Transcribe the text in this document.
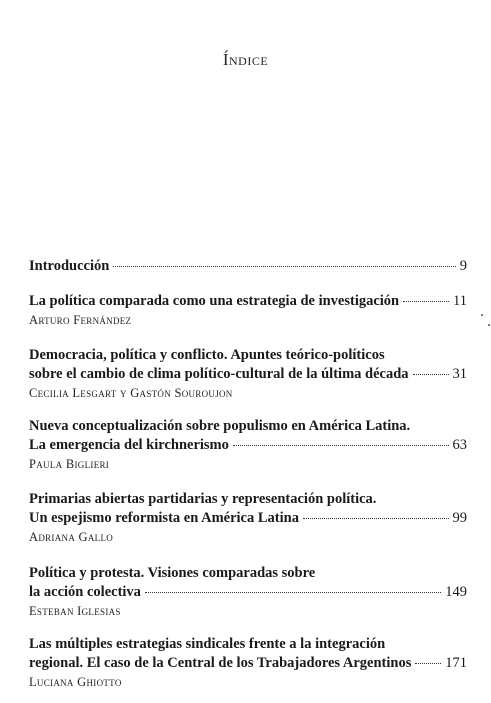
Índice
Introducción	9
La política comparada como una estrategia de investigación	11
Arturo Fernández
Democracia, política y conflicto. Apuntes teórico-políticos
sobre el cambio de clima político-cultural de la última década	31
Cecilia Lesgart y Gastón Souroujon
Nueva conceptualización sobre populismo en América Latina.
La emergencia del kirchnerismo	63
Paula Biglieri
Primarias abiertas partidarias y representación política.
Un espejismo reformista en América Latina	99
Adriana Gallo
Política y protesta. Visiones comparadas sobre
la acción colectiva	149
Esteban Iglesias
Las múltiples estrategias sindicales frente a la integración
regional. El caso de la Central de los Trabajadores Argentinos 171
Luciana Ghiotto
